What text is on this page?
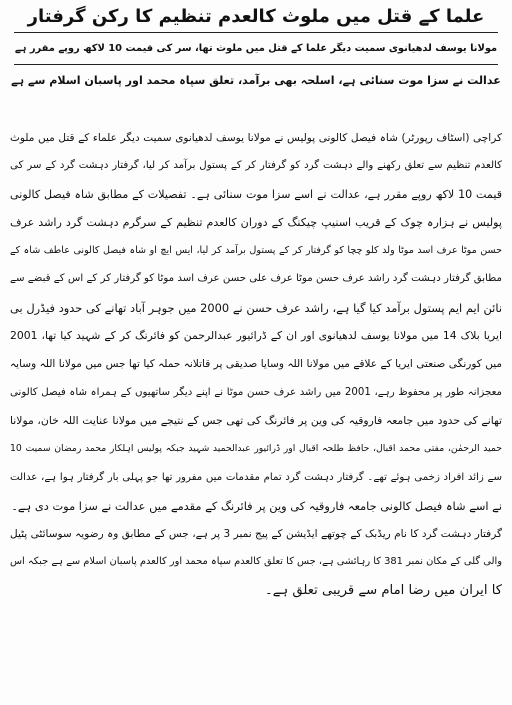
علما کے قتل میں ملوث کالعدم تنظیم کا رکن گرفتار

مولانا یوسف لدھیانوی سمیت دیگر علما کے قتل میں ملوث تھا، سر کی قیمت 10 لاکھ روپے مقرر ہے

عدالت نے سزا موت سنائی ہے، اسلحہ بھی برآمد، تعلق سپاہ محمد اور پاسبان اسلام سے ہے

کراچی (اسٹاف رپورٹر) شاہ فیصل کالونی پولیس نے مولانا یوسف لدھیانوی سمیت دیگر علماء کے قتل میں ملوث
کالعدم تنظیم سے تعلق رکھنے والے دہشت گرد کو گرفتار کر کے پستول برآمد کر لیا، گرفتار دہشت گرد کے سر کی
قیمت 10 لاکھ روپے مقرر ہے، عدالت نے اسے سزا موت سنائی ہے۔ تفصیلات کے مطابق شاہ فیصل کالونی
پولیس نے ہزارہ چوک کے قریب اسنیپ چیکنگ کے دوران کالعدم تنظیم کے سرگرم دہشت گرد راشد عرف
حسن موٹا عرف اسد موٹا ولد کلو چچا کو گرفتار کر کے پستول برآمد کر لیا، ایس ایچ او شاہ فیصل کالونی عاطف شاہ کے
مطابق گرفتار دہشت گرد راشد عرف حسن موٹا عرف علی حسن عرف اسد موٹا کو گرفتار کر کے اس کے قبضے سے
نائن ایم ایم پستول برآمد کیا گیا ہے، راشد عرف حسن نے 2000 میں جوہر آباد تھانے کی حدود فیڈرل بی
ایریا بلاک 14 میں مولانا یوسف لدھیانوی اور ان کے ڈرائیور عبدالرحمن کو فائرنگ کر کے شہید کیا تھا، 2001
میں کورنگی صنعتی ایریا کے علاقے میں مولانا اللہ وسایا صدیقی پر قاتلانہ حملہ کیا تھا جس میں مولانا اللہ وسایہ
معجزانہ طور پر محفوظ رہے، 2001 میں راشد عرف حسن موٹا نے اپنے دیگر ساتھیوں کے ہمراہ شاہ فیصل کالونی
تھانے کی حدود میں جامعہ فاروقیہ کی وین پر فائرنگ کی تھی جس کے نتیجے میں مولانا عنایت اللہ خان، مولانا
حمید الرحمٰن، مفتی محمد اقبال، حافظ طلحہ اقبال اور ڈرائیور عبدالحمید شہید جبکہ پولیس اہلکار محمد رمضان سمیت 10
سے زائد افراد زخمی ہوئے تھے۔ گرفتار دہشت گرد تمام مقدمات میں مفرور تھا جو پہلی بار گرفتار ہوا ہے، عدالت
نے اسے شاہ فیصل کالونی جامعہ فاروقیہ کی وین پر فائرنگ کے مقدمے میں عدالت نے سزا موت دی ہے۔
گرفتار دہشت گرد کا نام ریڈبک کے چوتھے ایڈیشن کے پیج نمبر 3 پر ہے، جس کے مطابق وہ رضویہ سوسائٹی پٹیل
والی گلی کے مکان نمبر 381 کا رہائشی ہے، جس کا تعلق کالعدم سپاہ محمد اور کالعدم پاسبان اسلام سے ہے جبکہ اس
کا ایران میں رضا امام سے قریبی تعلق ہے۔
